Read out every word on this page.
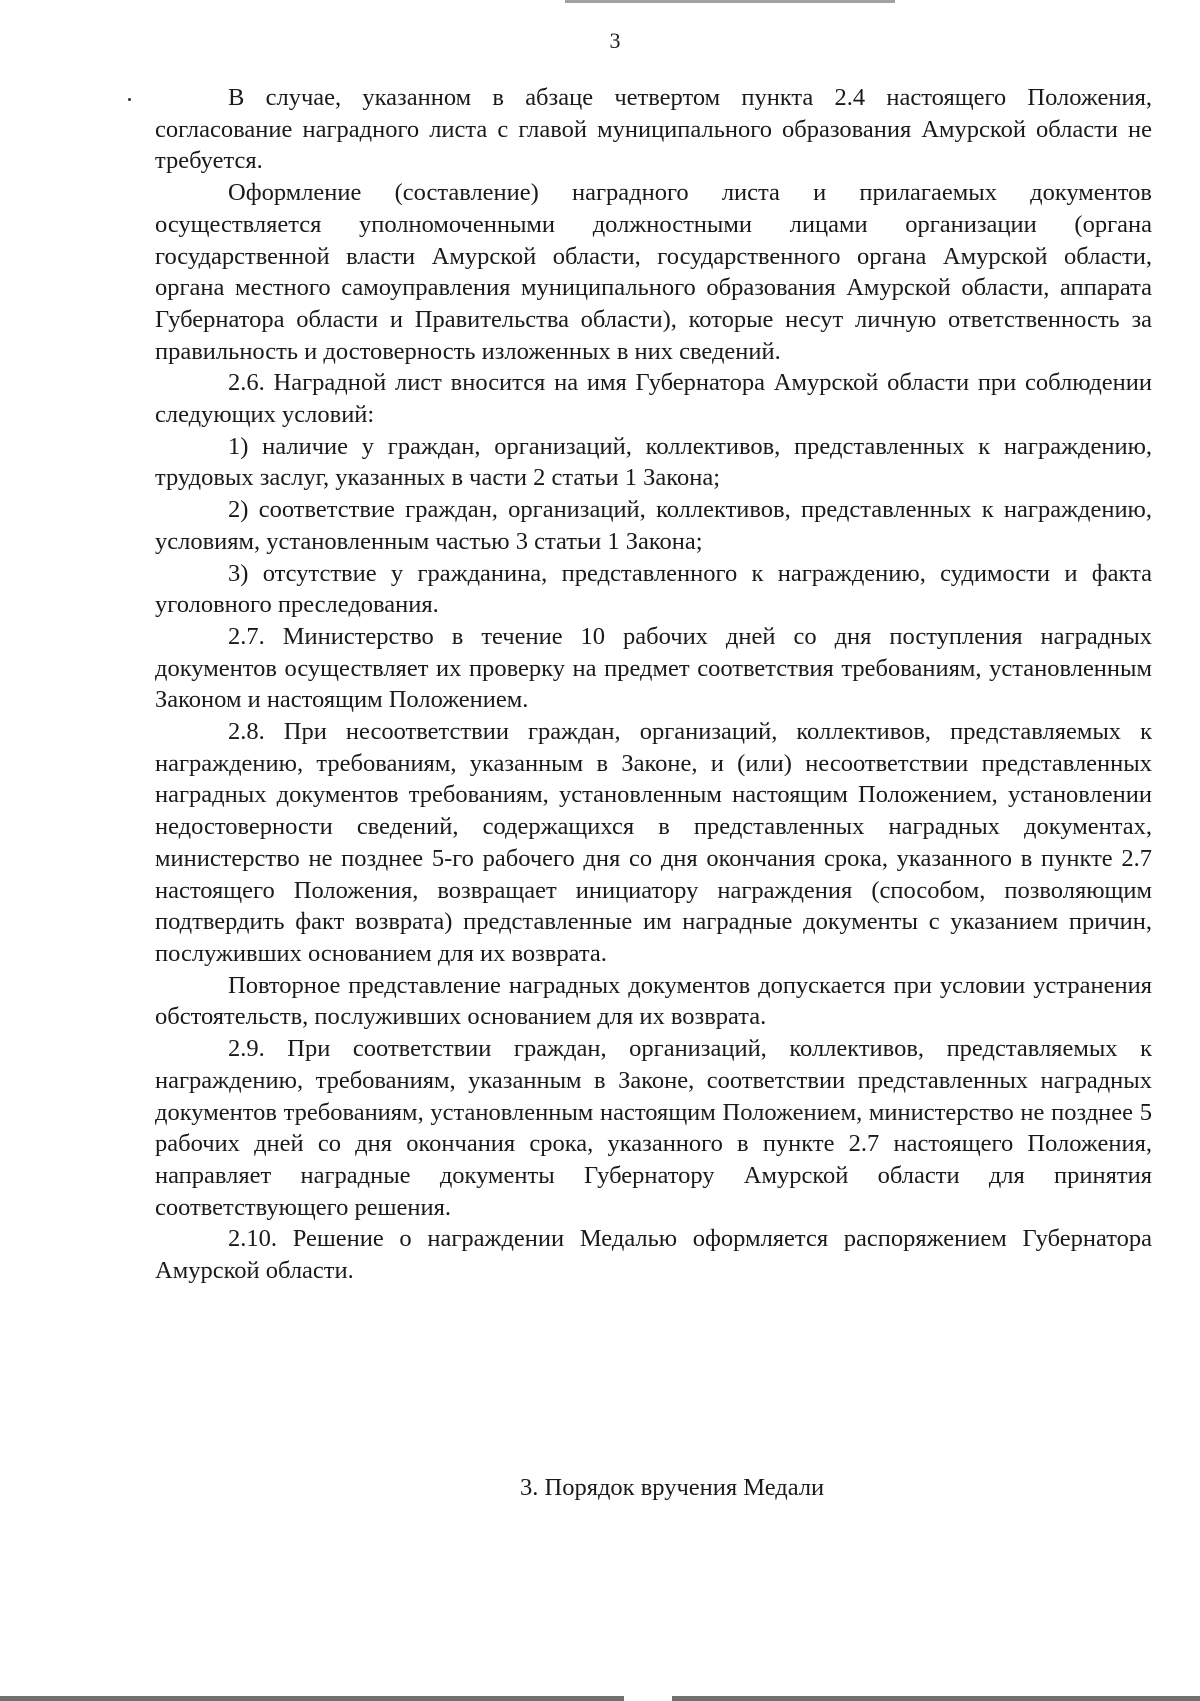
3

В случае, указанном в абзаце четвертом пункта 2.4 настоящего Положения, согласование наградного листа с главой муниципального образования Амурской области не требуется.

Оформление (составление) наградного листа и прилагаемых документов осуществляется уполномоченными должностными лицами организации (органа государственной власти Амурской области, государственного органа Амурской области, органа местного самоуправления муниципального образования Амурской области, аппарата Губернатора области и Правительства области), которые несут личную ответственность за правильность и достоверность изложенных в них сведений.

2.6. Наградной лист вносится на имя Губернатора Амурской области при соблюдении следующих условий:

1) наличие у граждан, организаций, коллективов, представленных к награждению, трудовых заслуг, указанных в части 2 статьи 1 Закона;

2) соответствие граждан, организаций, коллективов, представленных к награждению, условиям, установленным частью 3 статьи 1 Закона;

3) отсутствие у гражданина, представленного к награждению, судимости и факта уголовного преследования.

2.7. Министерство в течение 10 рабочих дней со дня поступления наградных документов осуществляет их проверку на предмет соответствия требованиям, установленным Законом и настоящим Положением.

2.8. При несоответствии граждан, организаций, коллективов, представляемых к награждению, требованиям, указанным в Законе, и (или) несоответствии представленных наградных документов требованиям, установленным настоящим Положением, установлении недостоверности сведений, содержащихся в представленных наградных документах, министерство не позднее 5-го рабочего дня со дня окончания срока, указанного в пункте 2.7 настоящего Положения, возвращает инициатору награждения (способом, позволяющим подтвердить факт возврата) представленные им наградные документы с указанием причин, послуживших основанием для их возврата.

Повторное представление наградных документов допускается при условии устранения обстоятельств, послуживших основанием для их возврата.

2.9. При соответствии граждан, организаций, коллективов, представляемых к награждению, требованиям, указанным в Законе, соответствии представленных наградных документов требованиям, установленным настоящим Положением, министерство не позднее 5 рабочих дней со дня окончания срока, указанного в пункте 2.7 настоящего Положения, направляет наградные документы Губернатору Амурской области для принятия соответствующего решения.

2.10. Решение о награждении Медалью оформляется распоряжением Губернатора Амурской области.

3. Порядок вручения Медали
